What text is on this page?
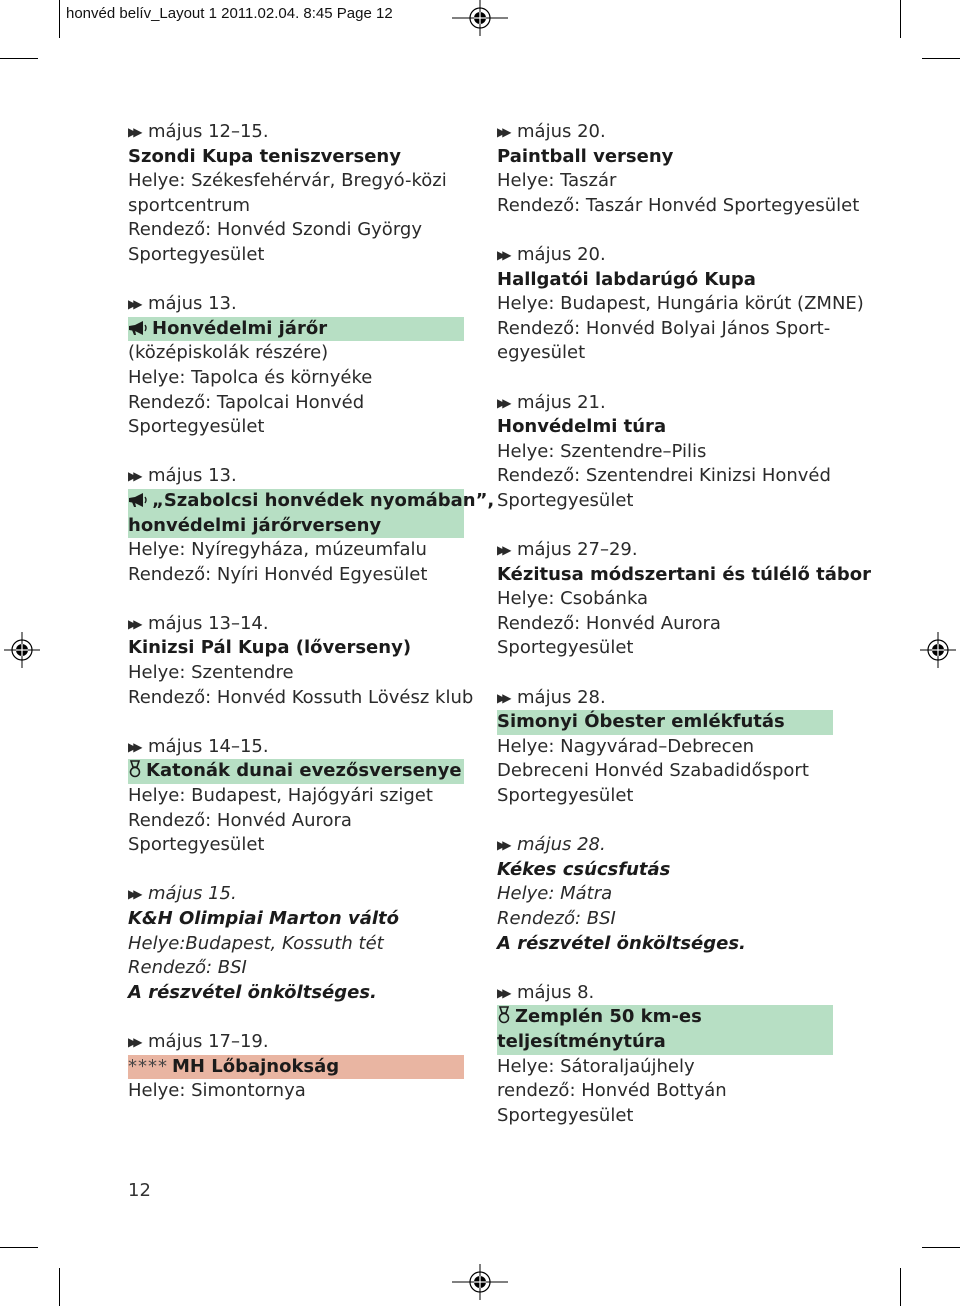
honvéd belív_Layout 1 2011.02.04. 8:45 Page 12
▶▶ május 12–15.
Szondi Kupa teniszverseny
Helye: Székesfehérvár, Bregyó-közi
sportcentrum
Rendező: Honvéd Szondi György
Sportegyesület
▶▶ május 13.
Honvédelmi járőr
(középiskolák részére)
Helye: Tapolca és környéke
Rendező: Tapolcai Honvéd
Sportegyesület
▶▶ május 13.
„Szabolcsi honvédek nyomában”,
honvédelmi járőrverseny
Helye: Nyíregyháza, múzeumfalu
Rendező: Nyíri Honvéd Egyesület
▶▶ május 13–14.
Kinizsi Pál Kupa (lőverseny)
Helye: Szentendre
Rendező: Honvéd Kossuth Lövész klub
▶▶ május 14–15.
Katonák dunai evezősversenye
Helye: Budapest, Hajógyári sziget
Rendező: Honvéd Aurora
Sportegyesület
▶▶ május 15.
K&H Olimpiai Marton váltó
Helye:Budapest, Kossuth tét
Rendező: BSI
A részvétel önköltséges.
▶▶ május 17–19.
**** MH Lőbajnokság
Helye: Simontornya
▶▶ május 20.
Paintball verseny
Helye: Taszár
Rendező: Taszár Honvéd Sportegyesület
▶▶ május 20.
Hallgatói labdarúgó Kupa
Helye: Budapest, Hungária körút (ZMNE)
Rendező: Honvéd Bolyai János Sport-
egyesület
▶▶ május 21.
Honvédelmi túra
Helye: Szentendre–Pilis
Rendező: Szentendrei Kinizsi Honvéd
Sportegyesület
▶▶ május 27–29.
Kézitusa módszertani és túlélő tábor
Helye: Csobánka
Rendező: Honvéd Aurora
Sportegyesület
▶▶ május 28.
Simonyi Óbester emlékfutás
Helye: Nagyvárad–Debrecen
Debreceni Honvéd Szabadidősport
Sportegyesület
▶▶ május 28.
Kékes csúcsfutás
Helye: Mátra
Rendező: BSI
A részvétel önköltséges.
▶▶ május 8.
Zemplén 50 km-es
teljesítménytúra
Helye: Sátoraljaújhely
rendező: Honvéd Bottyán
Sportegyesület
12
